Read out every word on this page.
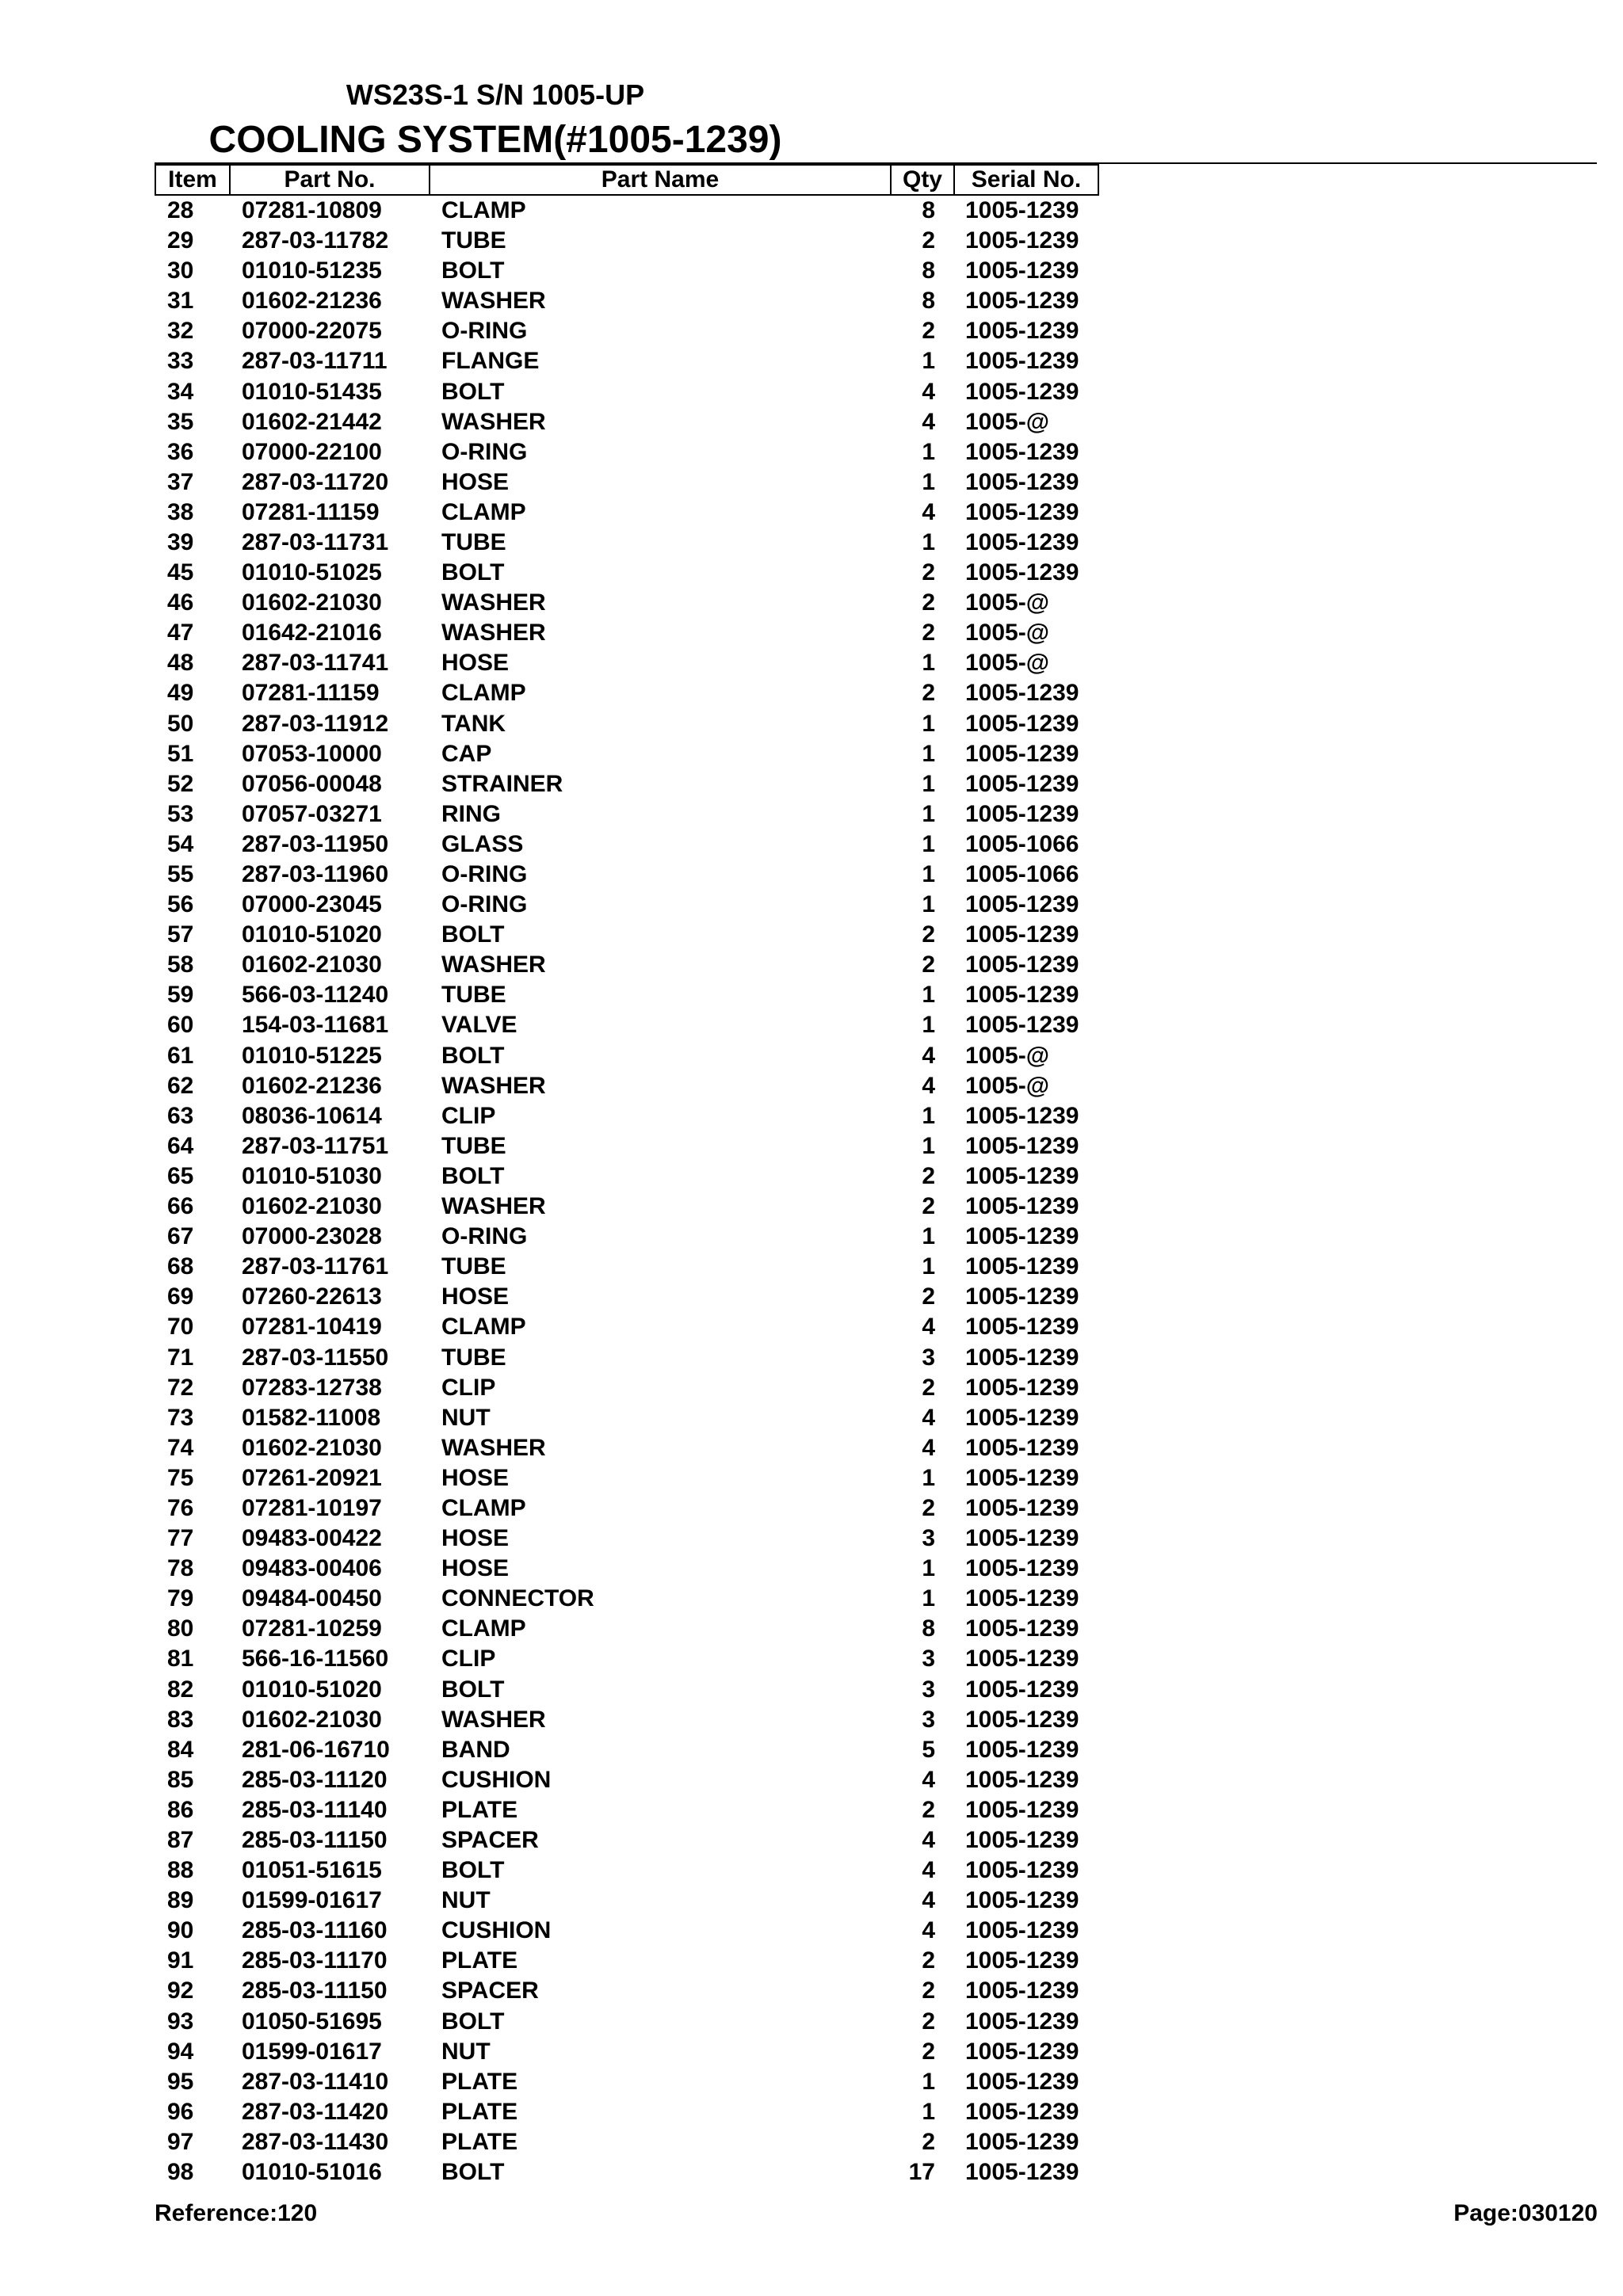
WS23S-1 S/N 1005-UP
COOLING SYSTEM(#1005-1239)
Item	Part No.	Part Name	Qty	Serial No.
28	07281-10809	CLAMP	8	1005-1239
29	287-03-11782	TUBE	2	1005-1239
30	01010-51235	BOLT	8	1005-1239
31	01602-21236	WASHER	8	1005-1239
32	07000-22075	O-RING	2	1005-1239
33	287-03-11711	FLANGE	1	1005-1239
34	01010-51435	BOLT	4	1005-1239
35	01602-21442	WASHER	4	1005-@
36	07000-22100	O-RING	1	1005-1239
37	287-03-11720	HOSE	1	1005-1239
38	07281-11159	CLAMP	4	1005-1239
39	287-03-11731	TUBE	1	1005-1239
45	01010-51025	BOLT	2	1005-1239
46	01602-21030	WASHER	2	1005-@
47	01642-21016	WASHER	2	1005-@
48	287-03-11741	HOSE	1	1005-@
49	07281-11159	CLAMP	2	1005-1239
50	287-03-11912	TANK	1	1005-1239
51	07053-10000	CAP	1	1005-1239
52	07056-00048	STRAINER	1	1005-1239
53	07057-03271	RING	1	1005-1239
54	287-03-11950	GLASS	1	1005-1066
55	287-03-11960	O-RING	1	1005-1066
56	07000-23045	O-RING	1	1005-1239
57	01010-51020	BOLT	2	1005-1239
58	01602-21030	WASHER	2	1005-1239
59	566-03-11240	TUBE	1	1005-1239
60	154-03-11681	VALVE	1	1005-1239
61	01010-51225	BOLT	4	1005-@
62	01602-21236	WASHER	4	1005-@
63	08036-10614	CLIP	1	1005-1239
64	287-03-11751	TUBE	1	1005-1239
65	01010-51030	BOLT	2	1005-1239
66	01602-21030	WASHER	2	1005-1239
67	07000-23028	O-RING	1	1005-1239
68	287-03-11761	TUBE	1	1005-1239
69	07260-22613	HOSE	2	1005-1239
70	07281-10419	CLAMP	4	1005-1239
71	287-03-11550	TUBE	3	1005-1239
72	07283-12738	CLIP	2	1005-1239
73	01582-11008	NUT	4	1005-1239
74	01602-21030	WASHER	4	1005-1239
75	07261-20921	HOSE	1	1005-1239
76	07281-10197	CLAMP	2	1005-1239
77	09483-00422	HOSE	3	1005-1239
78	09483-00406	HOSE	1	1005-1239
79	09484-00450	CONNECTOR	1	1005-1239
80	07281-10259	CLAMP	8	1005-1239
81	566-16-11560	CLIP	3	1005-1239
82	01010-51020	BOLT	3	1005-1239
83	01602-21030	WASHER	3	1005-1239
84	281-06-16710	BAND	5	1005-1239
85	285-03-11120	CUSHION	4	1005-1239
86	285-03-11140	PLATE	2	1005-1239
87	285-03-11150	SPACER	4	1005-1239
88	01051-51615	BOLT	4	1005-1239
89	01599-01617	NUT	4	1005-1239
90	285-03-11160	CUSHION	4	1005-1239
91	285-03-11170	PLATE	2	1005-1239
92	285-03-11150	SPACER	2	1005-1239
93	01050-51695	BOLT	2	1005-1239
94	01599-01617	NUT	2	1005-1239
95	287-03-11410	PLATE	1	1005-1239
96	287-03-11420	PLATE	1	1005-1239
97	287-03-11430	PLATE	2	1005-1239
98	01010-51016	BOLT	17	1005-1239
Reference:120	Page:030120
